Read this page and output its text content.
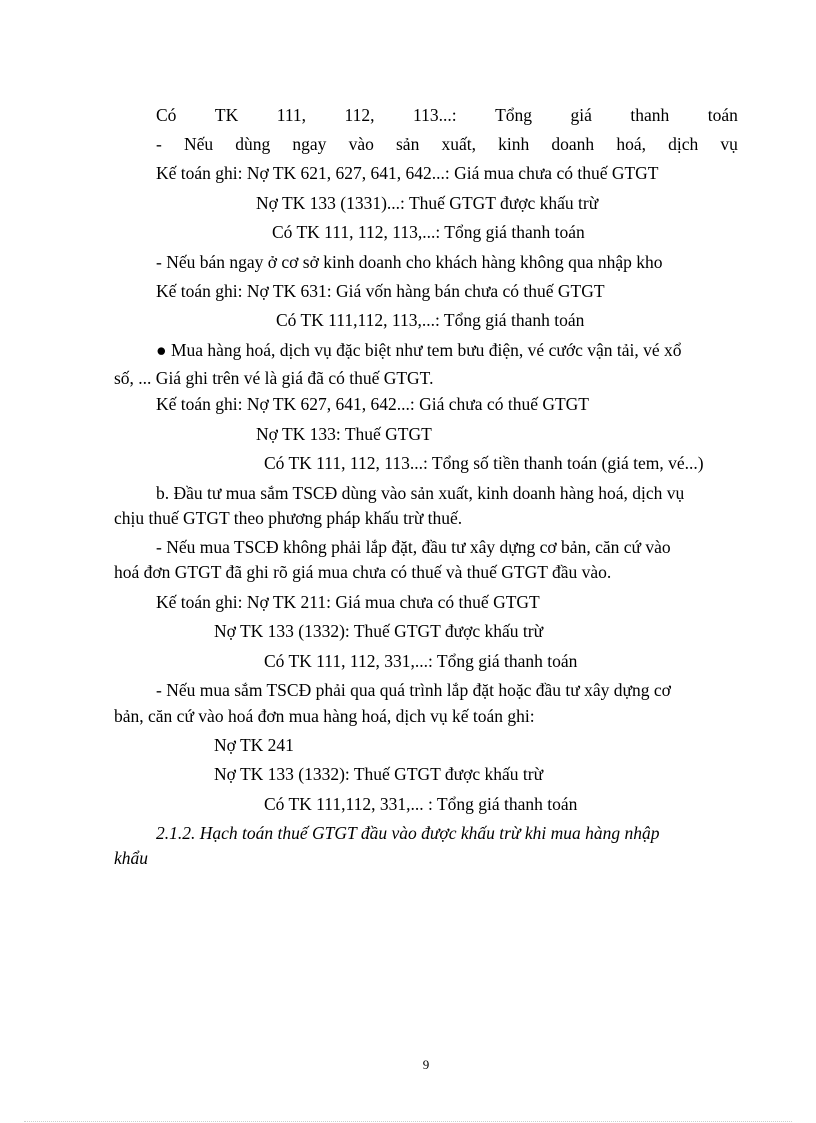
Có TK 111, 112, 113...: Tổng giá thanh toán
- Nếu dùng ngay vào sản xuất, kinh doanh hoá, dịch vụ
Kế toán ghi: Nợ TK 621, 627, 641, 642...: Giá mua chưa có thuế GTGT
Nợ TK 133 (1331)...: Thuế GTGT được khấu trừ
Có TK 111, 112, 113,...: Tổng giá thanh toán
- Nếu bán ngay ở cơ sở kinh doanh cho khách hàng không qua nhập kho
Kế toán ghi: Nợ TK 631: Giá vốn hàng bán chưa có thuế GTGT
Có TK 111,112, 113,...: Tổng giá thanh toán
● Mua hàng hoá, dịch vụ đặc biệt như tem bưu điện, vé cước vận tải, vé xổ
số, ... Giá ghi trên vé là giá đã có thuế GTGT.
Kế toán ghi: Nợ TK 627, 641, 642...: Giá chưa có thuế GTGT
Nợ TK 133: Thuế GTGT
Có TK 111, 112, 113...: Tổng số tiền thanh toán (giá tem, vé...)
b. Đầu tư mua sắm TSCĐ dùng vào sản xuất, kinh doanh hàng hoá, dịch vụ
chịu thuế GTGT theo phương pháp khấu trừ thuế.
- Nếu mua TSCĐ không phải lắp đặt, đầu tư xây dựng cơ bản, căn cứ vào
hoá đơn GTGT đã ghi rõ giá mua chưa có thuế và thuế GTGT đầu vào.
Kế toán ghi: Nợ TK 211: Giá mua chưa có thuế GTGT
Nợ TK 133 (1332): Thuế GTGT được khấu trừ
Có TK 111, 112, 331,...: Tổng giá thanh toán
- Nếu mua sắm TSCĐ phải qua quá trình lắp đặt hoặc đầu tư xây dựng cơ
bản, căn cứ vào hoá đơn mua hàng hoá, dịch vụ kế toán ghi:
Nợ TK 241
Nợ TK 133 (1332): Thuế GTGT được khấu trừ
Có TK 111,112, 331,... : Tổng giá thanh toán
2.1.2. Hạch toán thuế GTGT đầu vào được khấu trừ khi mua hàng nhập
khẩu
9
